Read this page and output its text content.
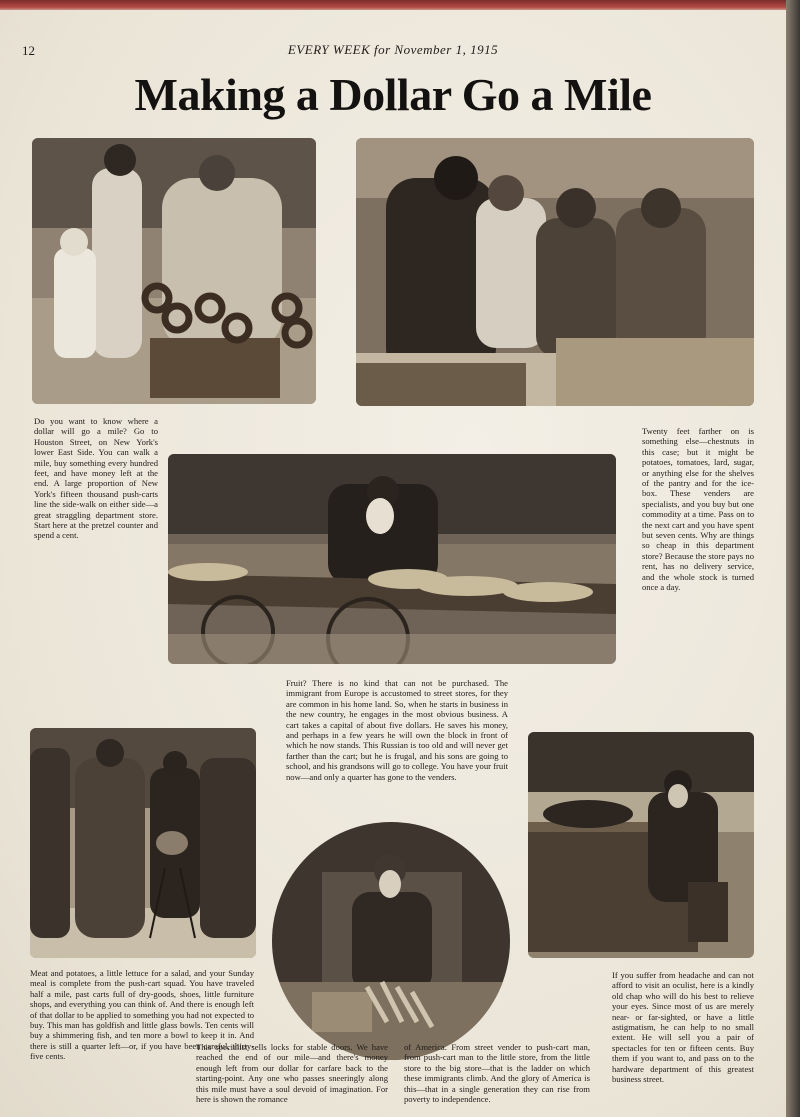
12	EVERY WEEK for November 1, 1915
Making a Dollar Go a Mile
Do you want to know where a dollar will go a mile? Go to Houston Street, on New York's lower East Side. You can walk a mile, buy something every hundred feet, and have money left at the end. A large proportion of New York's fifteen thousand push-carts line the side-walk on either side—a great straggling department store. Start here at the pretzel counter and spend a cent.
Twenty feet farther on is something else—chestnuts in this case; but it might be potatoes, tomatoes, lard, sugar, or anything else for the shelves of the pantry and for the ice-box. These venders are specialists, and you buy but one commodity at a time. Pass on to the next cart and you have spent but seven cents. Why are things so cheap in this department store? Because the store pays no rent, has no delivery service, and the whole stock is turned once a day.
Fruit? There is no kind that can not be purchased. The immigrant from Europe is accustomed to street stores, for they are common in his home land. So, when he starts in business in the new country, he engages in the most obvious business. A cart takes a capital of about five dollars. He saves his money, and perhaps in a few years he will own the block in front of which he now stands. This Russian is too old and will never get farther than the cart; but he is frugal, and his sons are going to school, and his grandsons will go to college. You have your fruit now—and only a quarter has gone to the venders.
Meat and potatoes, a little lettuce for a salad, and your Sunday meal is complete from the push-cart squad. You have traveled half a mile, past carts full of dry-goods, shoes, little furniture shops, and everything you can think of. And there is enough left of that dollar to be applied to something you had not expected to buy. This man has goldfish and little glass bowls. Ten cents will buy a shimmering fish, and ten more a bowl to keep it in. And there is still a quarter left—or, if you have been careful, thirty-five cents.
This specialist sells locks for stable doors. We have reached the end of our mile—and there's money enough left from our dollar for carfare back to the starting-point. Any one who passes sneeringly along this mile must have a soul devoid of imagination. For here is shown the romance
of America. From street vender to push-cart man, from push-cart man to the little store, from the little store to the big store—that is the ladder on which these immigrants climb. And the glory of America is this—that in a single generation they can rise from poverty to independence.
If you suffer from headache and can not afford to visit an oculist, here is a kindly old chap who will do his best to relieve your eyes. Since most of us are merely near- or far-sighted, or have a little astigmatism, he can help to no small extent. He will sell you a pair of spectacles for ten or fifteen cents. Buy them if you want to, and pass on to the hardware department of this greatest business street.
